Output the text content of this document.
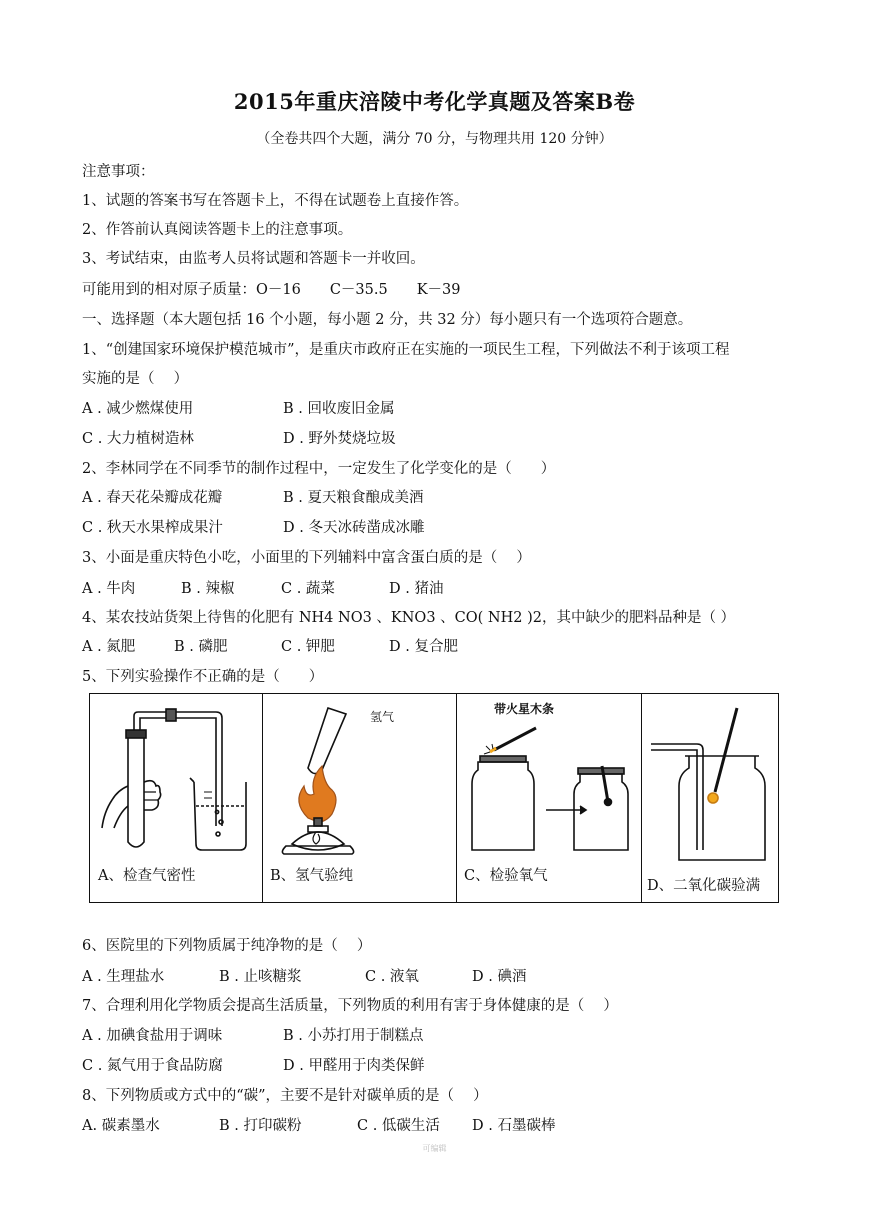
2015年重庆涪陵中考化学真题及答案B卷
（全卷共四个大题，满分 70 分，与物理共用 120 分钟）
注意事项：
1、试题的答案书写在答题卡上，不得在试题卷上直接作答。
2、作答前认真阅读答题卡上的注意事项。
3、考试结束，由监考人员将试题和答题卡一并收回。
可能用到的相对原子质量：O－16　　C－35.5　　K－39
一、选择题（本大题包括 16 个小题，每小题 2 分，共 32 分）每小题只有一个选项符合题意。
1、“创建国家环境保护模范城市”，是重庆市政府正在实施的一项民生工程，下列做法不利于该项工程
实施的是（　 ）
A . 减少燃煤使用	B . 回收废旧金属
C . 大力植树造林	D . 野外焚烧垃圾
2、李林同学在不同季节的制作过程中，一定发生了化学变化的是（　　）
A . 春天花朵瓣成花瓣	B . 夏天粮食酿成美酒
C . 秋天水果榨成果汁	D . 冬天冰砖凿成冰雕
3、小面是重庆特色小吃，小面里的下列辅料中富含蛋白质的是（　 ）
A . 牛肉	B . 辣椒	C . 蔬菜	D . 猪油
4、某农技站货架上待售的化肥有 NH4 NO3 、KNO3 、CO( NH2 )2，其中缺少的肥料品种是（ ）
A . 氮肥	B . 磷肥	C . 钾肥	D . 复合肥
5、下列实验操作不正确的是（　　）
A、检查气密性
氢气
B、氢气验纯
带火星木条
C、检验氧气
D、二氧化碳验满
6、医院里的下列物质属于纯净物的是（　 ）
A . 生理盐水	B . 止咳糖浆	C . 液氧	D . 碘酒
7、合理利用化学物质会提高生活质量，下列物质的利用有害于身体健康的是（　 ）
A . 加碘食盐用于调味	B . 小苏打用于制糕点
C . 氮气用于食品防腐	D . 甲醛用于肉类保鲜
8、下列物质或方式中的“碳”，主要不是针对碳单质的是（　 ）
A. 碳素墨水	B . 打印碳粉	C . 低碳生活 D . 石墨碳棒
可编辑
